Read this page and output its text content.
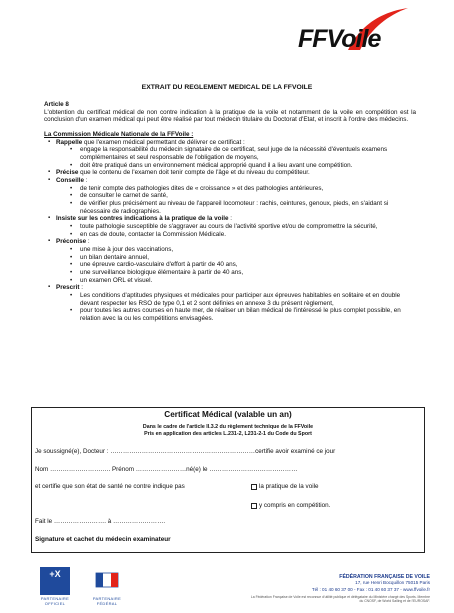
FFVoile
EXTRAIT DU REGLEMENT MEDICAL DE LA FFVOILE
Article 8
L'obtention du certificat médical de non contre indication à la pratique de la voile et notamment de la voile en compétition est la conclusion d'un examen médical qui peut être réalisé par tout médecin titulaire du Doctorat d'Etat, et inscrit à l'ordre des médecins.
La Commission Médicale Nationale de la FFVoile :
▪ Rappelle que l'examen médical permettant de délivrer ce certificat :
•	engage la responsabilité du médecin signataire de ce certificat, seul juge de la nécessité d'éventuels examens complémentaires et seul responsable de l'obligation de moyens,
•	doit être pratiqué dans un environnement médical approprié quand il a lieu avant une compétition.
▪ Précise que le contenu de l'examen doit tenir compte de l'âge et du niveau du compétiteur.
▪ Conseille :
•	de tenir compte des pathologies dites de « croissance » et des pathologies antérieures,
•	de consulter le carnet de santé,
•	de vérifier plus précisément au niveau de l'appareil locomoteur : rachis, ceintures, genoux, pieds, en s'aidant si nécessaire de radiographies.
▪ Insiste sur les contres indications à la pratique de la voile :
•	toute pathologie susceptible de s'aggraver au cours de l'activité sportive et/ou de compromettre la sécurité,
•	en cas de doute, contacter la Commission Médicale.
▪ Préconise :
•	une mise à jour des vaccinations,
•	un bilan dentaire annuel,
•	une épreuve cardio-vasculaire d'effort à partir de 40 ans,
•	une surveillance biologique élémentaire à partir de 40 ans,
•	un examen ORL et visuel.
▪ Prescrit :
•	Les conditions d'aptitudes physiques et médicales pour participer aux épreuves habitables en solitaire et en double devant respecter les RSO de type 0,1 et 2 sont définies en annexe 3 du présent règlement,
•	pour toutes les autres courses en haute mer, de réaliser un bilan médical de l'intéressé le plus complet possible, en relation avec la ou les compétitions envisagées.
Certificat Médical (valable un an)
Dans le cadre de l'article II.3.2 du règlement technique de la FFVoile
Pris en application des articles L.231-2, L231-2-1 du Code du Sport
Je soussigné(e), Docteur : ……………………………………………………………certifie avoir examiné ce jour
Nom ……………………….. Prénom ……………………né(e) le ……………………………………
et certifie que son état de santé ne contre indique pas	la pratique de la voile
y compris en compétition.
Fait le ……………………. à …………………….
Signature et cachet du médecin examinateur
+X
PARTENAIRE OFFICIEL
PARTENAIRE FÉDÉRAL
FÉDÉRATION FRANÇAISE DE VOILE
17, rue Henri Bocquillon 75015 Paris
Tél : 01 40 60 37 00 - Fax : 01 40 60 37 37 - www.ffvoile.fr
La Fédération Française de Voile est reconnue d'utilité publique et délégataire du Ministère chargé des Sports. Membre du CNOSF, de World Sailing et de l'EUROSAF.
